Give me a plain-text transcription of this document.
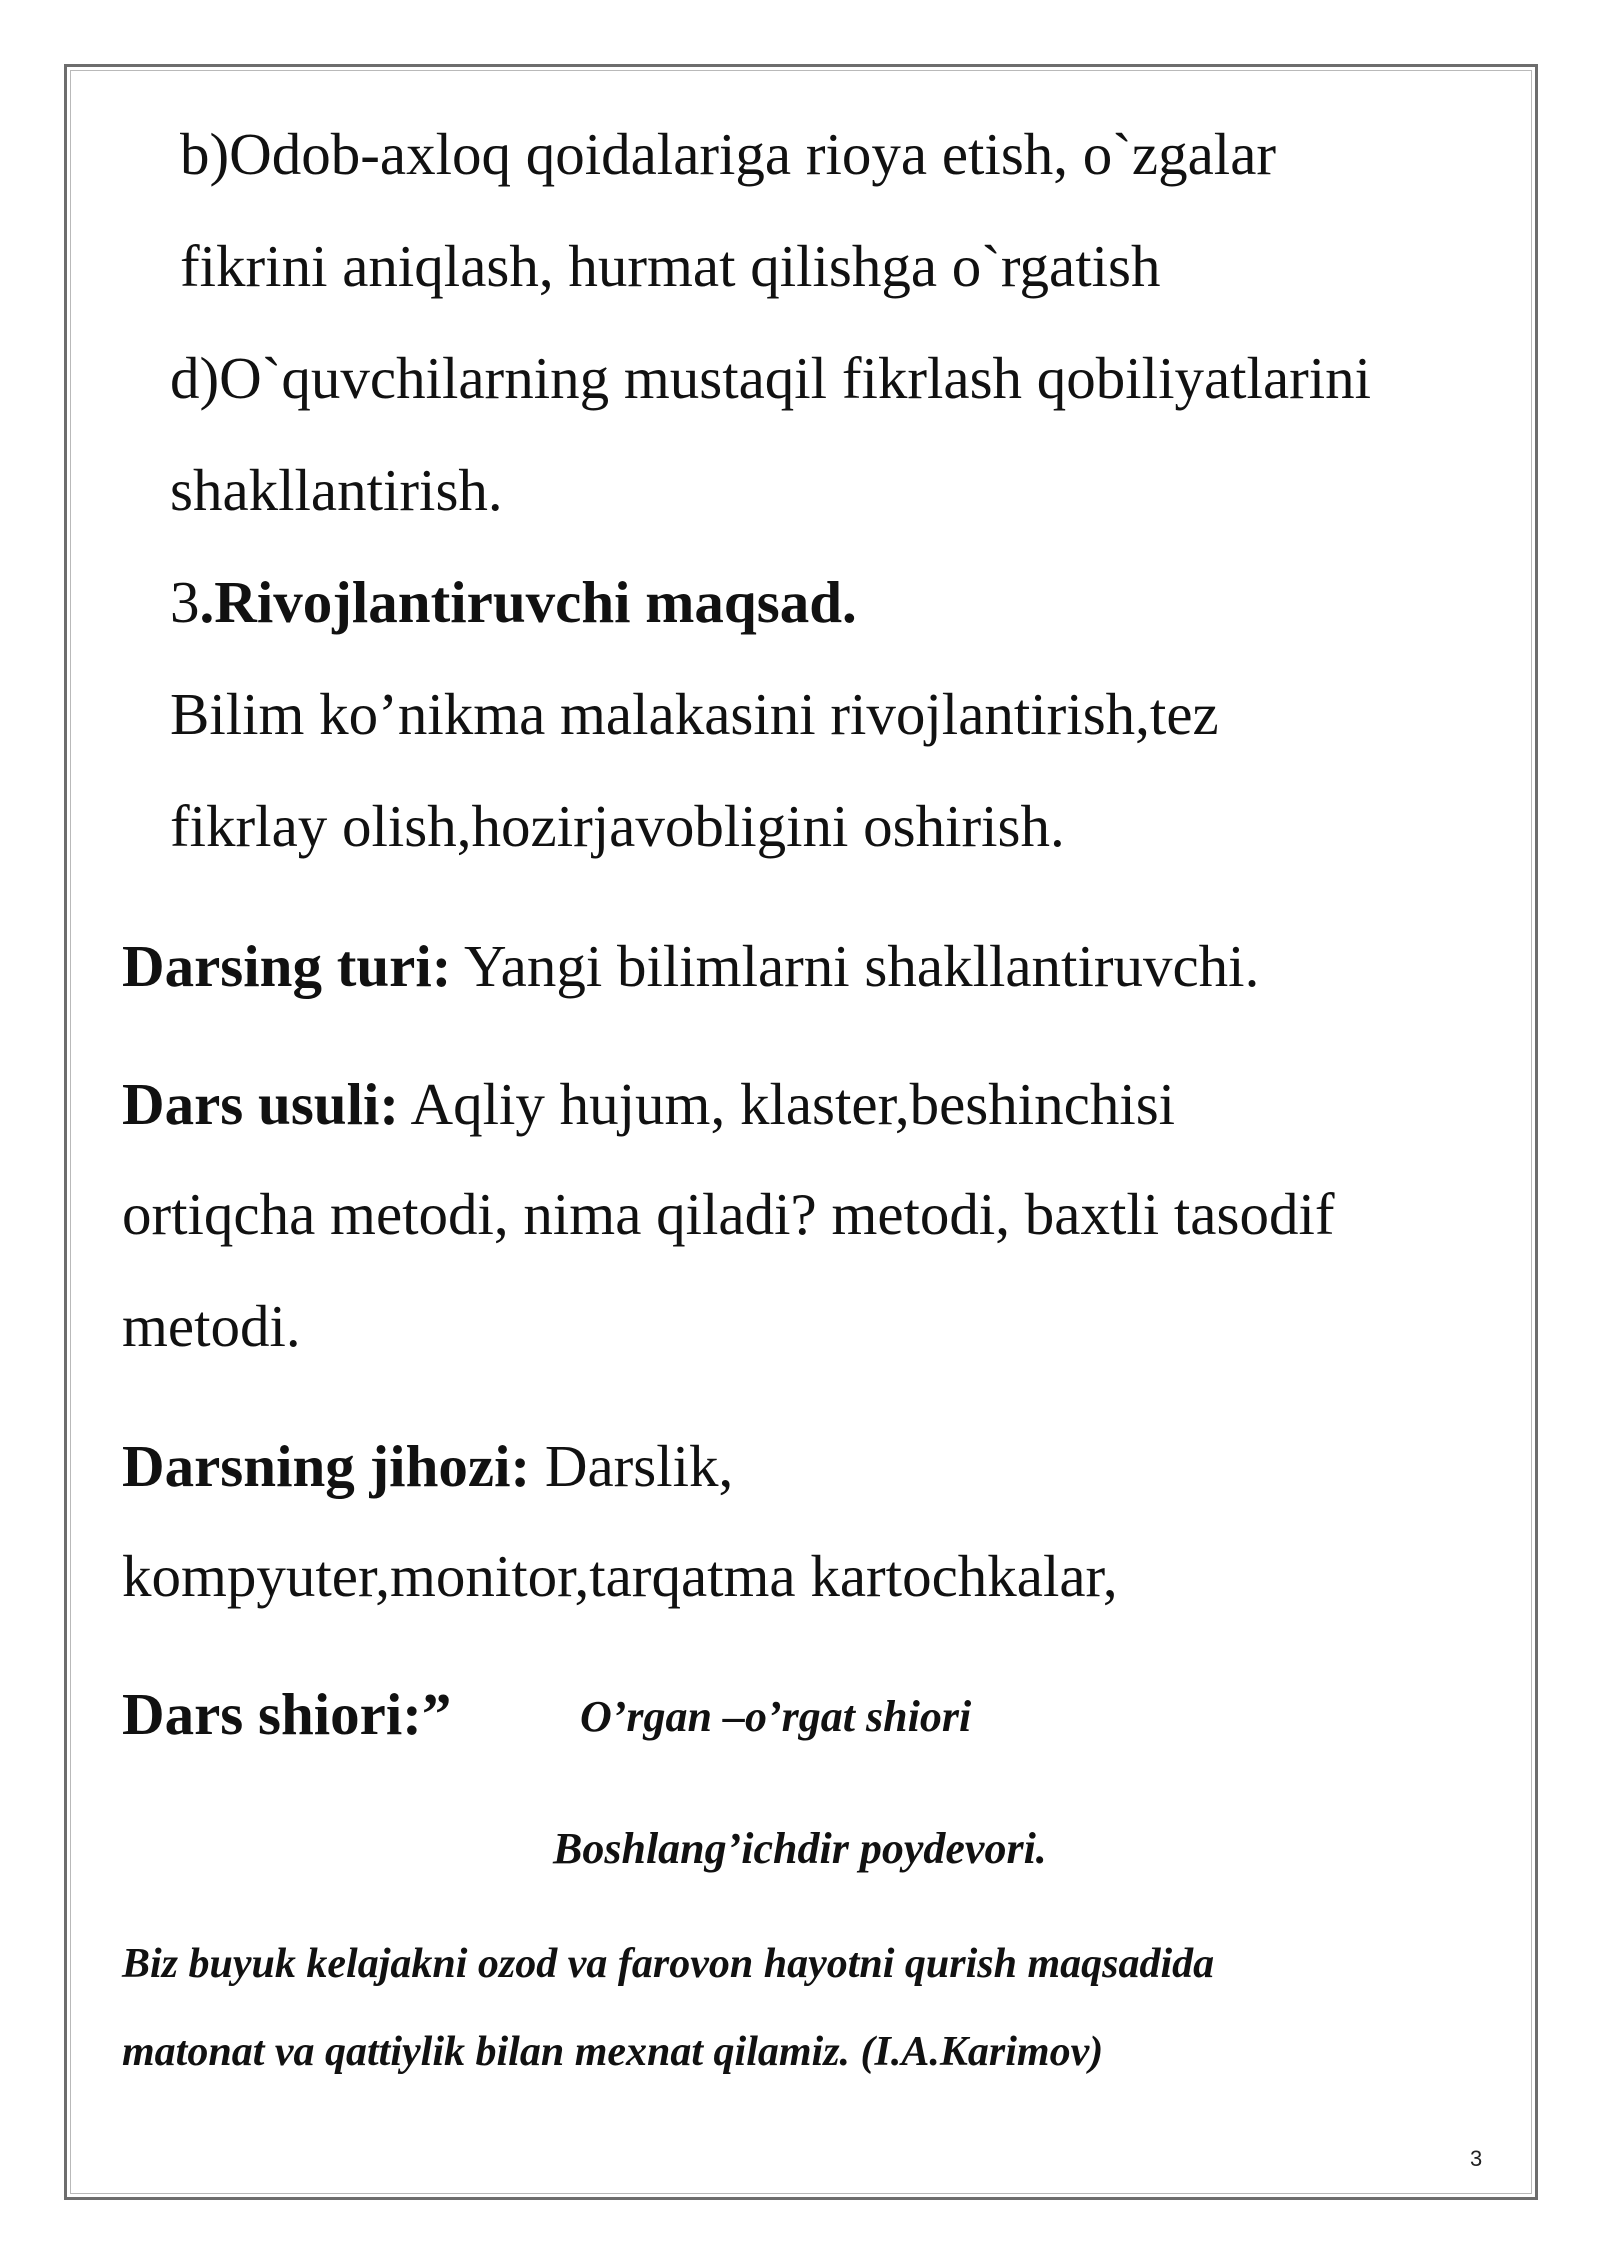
b)Odob-axloq qoidalariga rioya etish, o`zgalar
fikrini aniqlash, hurmat qilishga o`rgatish
d)O`quvchilarning mustaqil fikrlash qobiliyatlarini
shakllantirish.
3.Rivojlantiruvchi maqsad.
Bilim ko’nikma malakasini rivojlantirish,tez
fikrlay olish,hozirjavobligini oshirish.
Darsing turi: Yangi bilimlarni shakllantiruvchi.
Dars usuli: Aqliy hujum, klaster,beshinchisi
ortiqcha metodi, nima qiladi? metodi, baxtli tasodif
metodi.
Darsning jihozi: Darslik,
kompyuter,monitor,tarqatma kartochkalar,
Dars shiori:”	O’rgan –o’rgat shiori
Boshlang’ichdir poydevori.
Biz buyuk kelajakni ozod va farovon hayotni qurish maqsadida
matonat va qattiylik bilan mexnat qilamiz. (I.A.Karimov)
3
